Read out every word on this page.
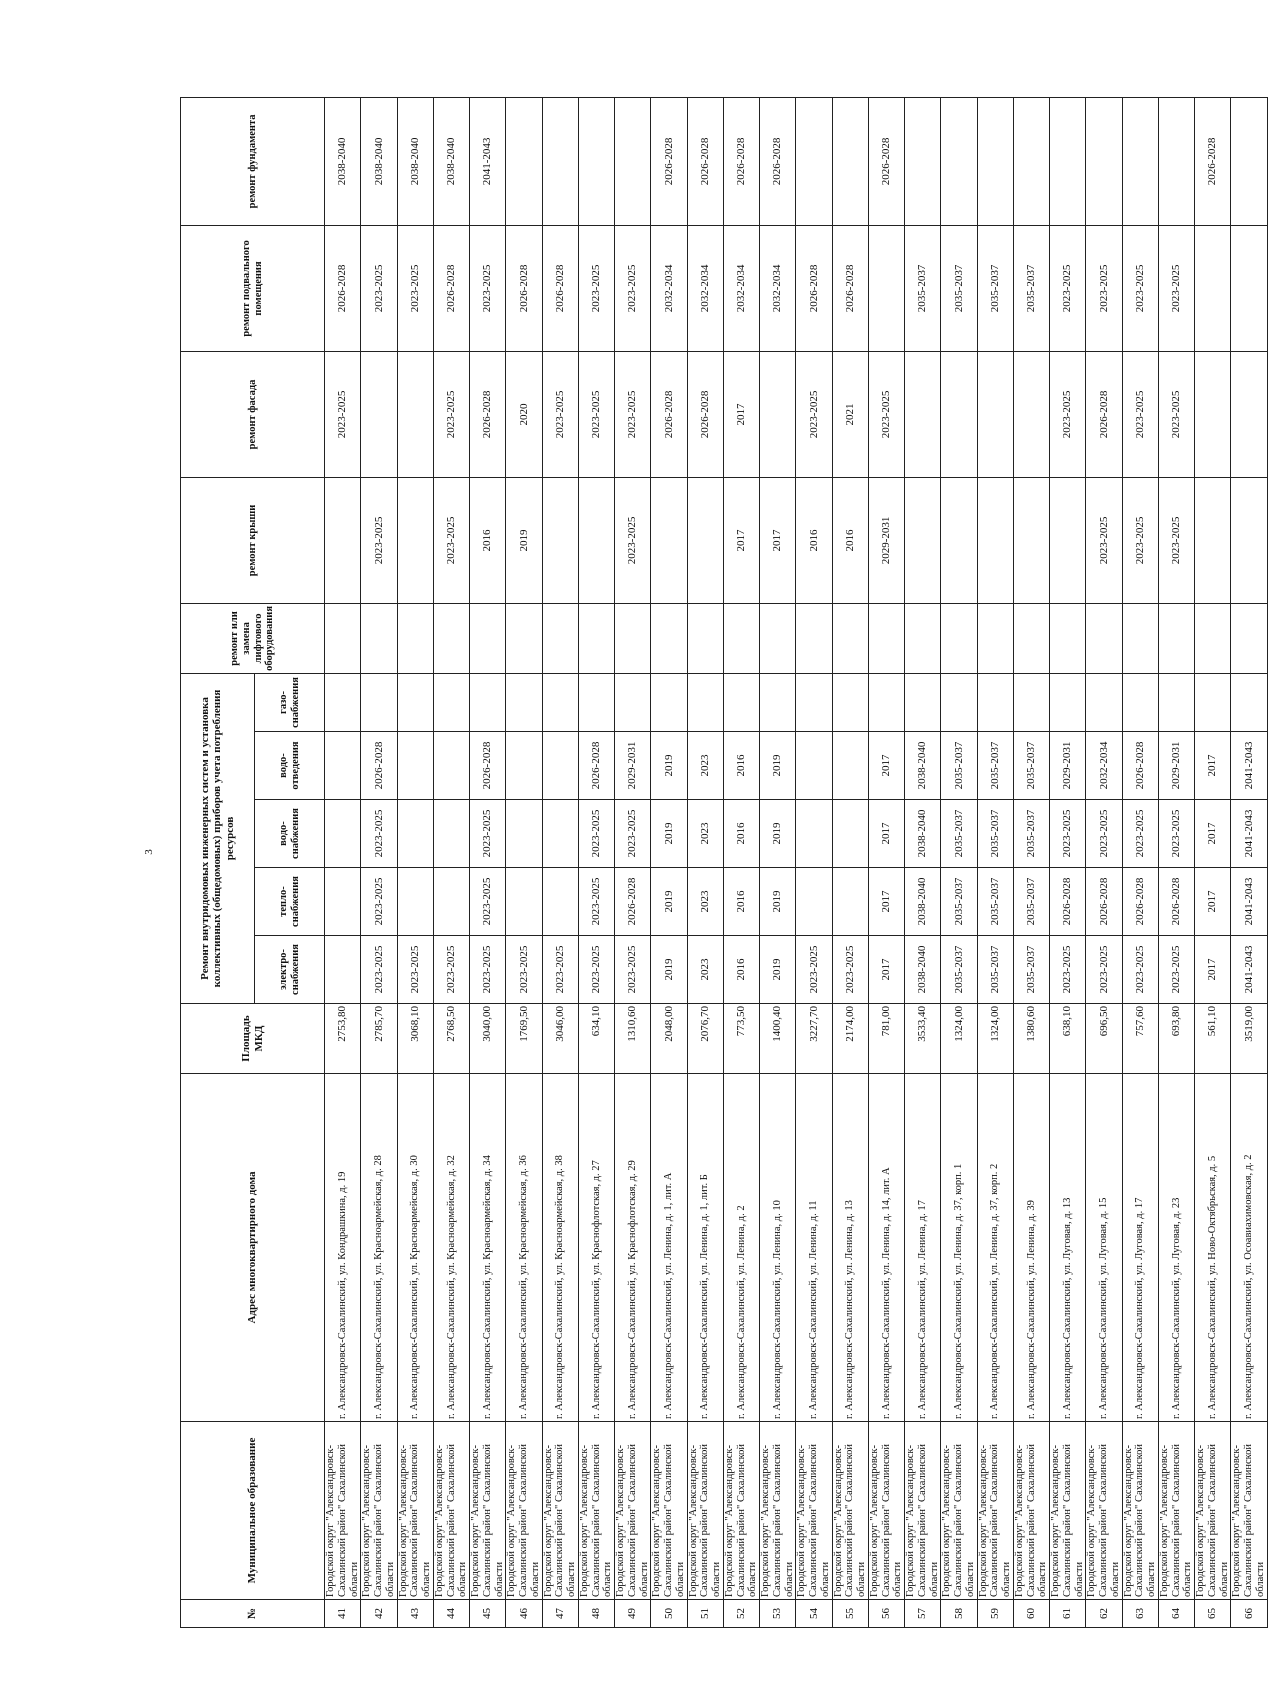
3
№	Муниципальное образование	Адрес многоквартирного дома	Площадь МКД	Ремонт внутридомовых инженерных систем и установка коллективных (общедомовых) приборов учета потребления ресурсов					ремонт или замена лифтового оборудования	ремонт крыши	ремонт фасада	ремонт подвального помещения	ремонт фундамента
				электро-снабжения	тепло-снабжения	водо-снабжения	водо-отведения	газо-снабжения					
41	Городской округ "Александровск-Сахалинский район" Сахалинской области	г. Александровск-Сахалинский, ул. Кондрашкина, д. 19	2753,80								2023-2025	2026-2028	2038-2040
42	Городской округ "Александровск-Сахалинский район" Сахалинской области	г. Александровск-Сахалинский, ул. Красноармейская, д. 28	2785,70	2023-2025	2023-2025	2023-2025	2026-2028			2023-2025		2023-2025	2038-2040
43	Городской округ "Александровск-Сахалинский район" Сахалинской области	г. Александровск-Сахалинский, ул. Красноармейская, д. 30	3068,10	2023-2025								2023-2025	2038-2040
44	Городской округ "Александровск-Сахалинский район" Сахалинской области	г. Александровск-Сахалинский, ул. Красноармейская, д. 32	2768,50	2023-2025						2023-2025	2023-2025	2026-2028	2038-2040
45	Городской округ "Александровск-Сахалинский район" Сахалинской области	г. Александровск-Сахалинский, ул. Красноармейская, д. 34	3040,00	2023-2025	2023-2025	2023-2025	2026-2028			2016	2026-2028	2023-2025	2041-2043
46	Городской округ "Александровск-Сахалинский район" Сахалинской области	г. Александровск-Сахалинский, ул. Красноармейская, д. 36	1769,50	2023-2025						2019	2020	2026-2028	
47	Городской округ "Александровск-Сахалинский район" Сахалинской области	г. Александровск-Сахалинский, ул. Красноармейская, д. 38	3046,00	2023-2025							2023-2025	2026-2028	
48	Городской округ "Александровск-Сахалинский район" Сахалинской области	г. Александровск-Сахалинский, ул. Краснофлотская, д. 27	634,10	2023-2025	2023-2025	2023-2025	2026-2028				2023-2025	2023-2025	
49	Городской округ "Александровск-Сахалинский район" Сахалинской области	г. Александровск-Сахалинский, ул. Краснофлотская, д. 29	1310,60	2023-2025	2026-2028	2023-2025	2029-2031			2023-2025	2023-2025	2023-2025	
50	Городской округ "Александровск-Сахалинский район" Сахалинской области	г. Александровск-Сахалинский, ул. Ленина, д. 1, лит. А	2048,00	2019	2019	2019	2019				2026-2028	2032-2034	2026-2028
51	Городской округ "Александровск-Сахалинский район" Сахалинской области	г. Александровск-Сахалинский, ул. Ленина, д. 1, лит. Б	2076,70	2023	2023	2023	2023				2026-2028	2032-2034	2026-2028
52	Городской округ "Александровск-Сахалинский район" Сахалинской области	г. Александровск-Сахалинский, ул. Ленина, д. 2	773,50	2016	2016	2016	2016			2017	2017	2032-2034	2026-2028
53	Городской округ "Александровск-Сахалинский район" Сахалинской области	г. Александровск-Сахалинский, ул. Ленина, д. 10	1400,40	2019	2019	2019	2019			2017		2032-2034	2026-2028
54	Городской округ "Александровск-Сахалинский район" Сахалинской области	г. Александровск-Сахалинский, ул. Ленина, д. 11	3227,70	2023-2025						2016	2023-2025	2026-2028	
55	Городской округ "Александровск-Сахалинский район" Сахалинской области	г. Александровск-Сахалинский, ул. Ленина, д. 13	2174,00	2023-2025						2016	2021	2026-2028	
56	Городской округ "Александровск-Сахалинский район" Сахалинской области	г. Александровск-Сахалинский, ул. Ленина, д. 14, лит. А	781,00	2017	2017	2017	2017			2029-2031	2023-2025		2026-2028
57	Городской округ "Александровск-Сахалинский район" Сахалинской области	г. Александровск-Сахалинский, ул. Ленина, д. 17	3533,40	2038-2040	2038-2040	2038-2040	2038-2040					2035-2037	
58	Городской округ "Александровск-Сахалинский район" Сахалинской области	г. Александровск-Сахалинский, ул. Ленина, д. 37, корп. 1	1324,00	2035-2037	2035-2037	2035-2037	2035-2037					2035-2037	
59	Городской округ "Александровск-Сахалинский район" Сахалинской области	г. Александровск-Сахалинский, ул. Ленина, д. 37, корп. 2	1324,00	2035-2037	2035-2037	2035-2037	2035-2037					2035-2037	
60	Городской округ "Александровск-Сахалинский район" Сахалинской области	г. Александровск-Сахалинский, ул. Ленина, д. 39	1380,60	2035-2037	2035-2037	2035-2037	2035-2037					2035-2037	
61	Городской округ "Александровск-Сахалинский район" Сахалинской области	г. Александровск-Сахалинский, ул. Луговая, д. 13	638,10	2023-2025	2026-2028	2023-2025	2029-2031				2023-2025	2023-2025	
62	Городской округ "Александровск-Сахалинский район" Сахалинской области	г. Александровск-Сахалинский, ул. Луговая, д. 15	696,50	2023-2025	2026-2028	2023-2025	2032-2034			2023-2025	2026-2028	2023-2025	
63	Городской округ "Александровск-Сахалинский район" Сахалинской области	г. Александровск-Сахалинский, ул. Луговая, д. 17	757,60	2023-2025	2026-2028	2023-2025	2026-2028			2023-2025	2023-2025	2023-2025	
64	Городской округ "Александровск-Сахалинский район" Сахалинской области	г. Александровск-Сахалинский, ул. Луговая, д. 23	693,80	2023-2025	2026-2028	2023-2025	2029-2031			2023-2025	2023-2025	2023-2025	
65	Городской округ "Александровск-Сахалинский район" Сахалинской области	г. Александровск-Сахалинский, ул. Ново-Октябрьская, д. 5	561,10	2017	2017	2017	2017						2026-2028
66	Городской округ "Александровск-Сахалинский район" Сахалинской области	г. Александровск-Сахалинский, ул. Осоавиахимовская, д. 2	3519,00	2041-2043	2041-2043	2041-2043	2041-2043						
